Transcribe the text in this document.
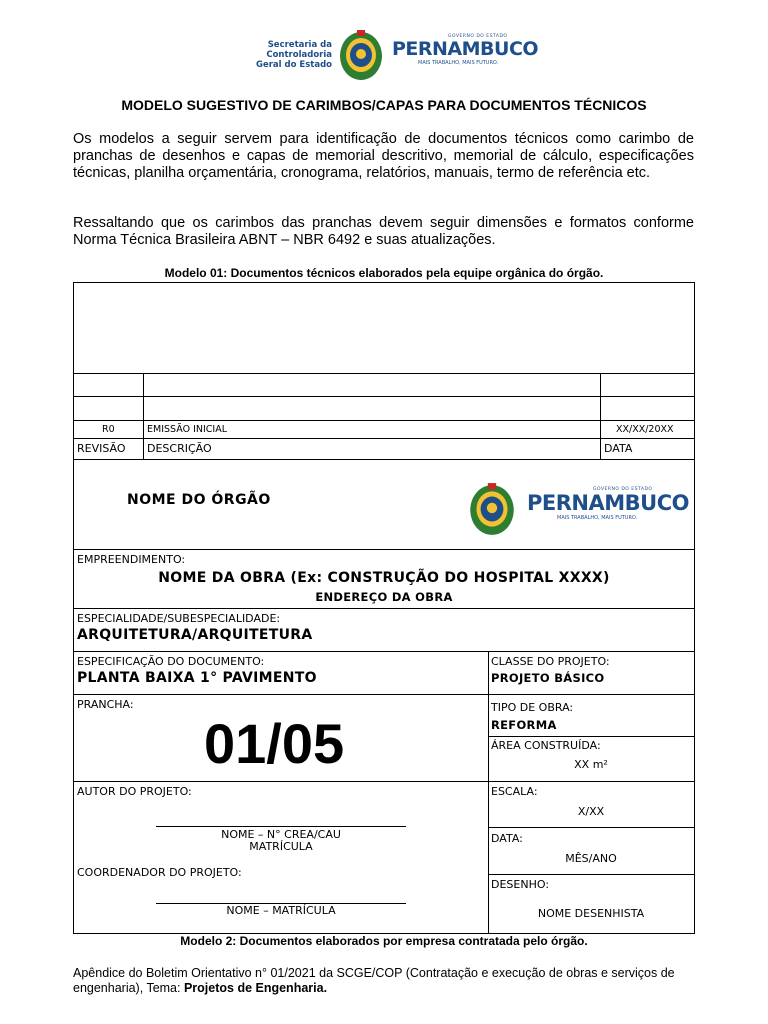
Secretaria da
Controladoria
Geral do Estado
GOVERNO DO ESTADO
PERNAMBUCO
MAIS TRABALHO, MAIS FUTURO.
MODELO SUGESTIVO DE CARIMBOS/CAPAS PARA DOCUMENTOS TÉCNICOS
Os modelos a seguir servem para identificação de documentos técnicos como carimbo de pranchas de desenhos e capas de memorial descritivo, memorial de cálculo, especificações técnicas, planilha orçamentária, cronograma, relatórios, manuais, termo de referência etc.
Ressaltando que os carimbos das pranchas devem seguir dimensões e formatos conforme Norma Técnica Brasileira ABNT – NBR 6492 e suas atualizações.
Modelo 01: Documentos técnicos elaborados pela equipe orgânica do órgão.
R0	EMISSÃO INICIAL	XX/XX/20XX
REVISÃO DESCRIÇÃO	DATA
NOME DO ÓRGÃO
GOVERNO DO ESTADO
PERNAMBUCO
MAIS TRABALHO, MAIS FUTURO.
EMPREENDIMENTO:
NOME DA OBRA (Ex: CONSTRUÇÃO DO HOSPITAL XXXX)
ENDEREÇO DA OBRA
ESPECIALIDADE/SUBESPECIALIDADE:
ARQUITETURA/ARQUITETURA
ESPECIFICAÇÃO DO DOCUMENTO:
PLANTA BAIXA 1° PAVIMENTO
CLASSE DO PROJETO:
PROJETO BÁSICO
PRANCHA:
01/05
TIPO DE OBRA:
REFORMA
ÁREA CONSTRUÍDA:
XX m²
AUTOR DO PROJETO:
NOME – N° CREA/CAU
MATRÍCULA
COORDENADOR DO PROJETO:
NOME – MATRÍCULA
ESCALA:
X/XX
DATA:
MÊS/ANO
DESENHO:
NOME DESENHISTA
Modelo 2: Documentos elaborados por empresa contratada pelo órgão.
Apêndice do Boletim Orientativo n° 01/2021 da SCGE/COP (Contratação e execução de obras e serviços de engenharia), Tema: Projetos de Engenharia.
